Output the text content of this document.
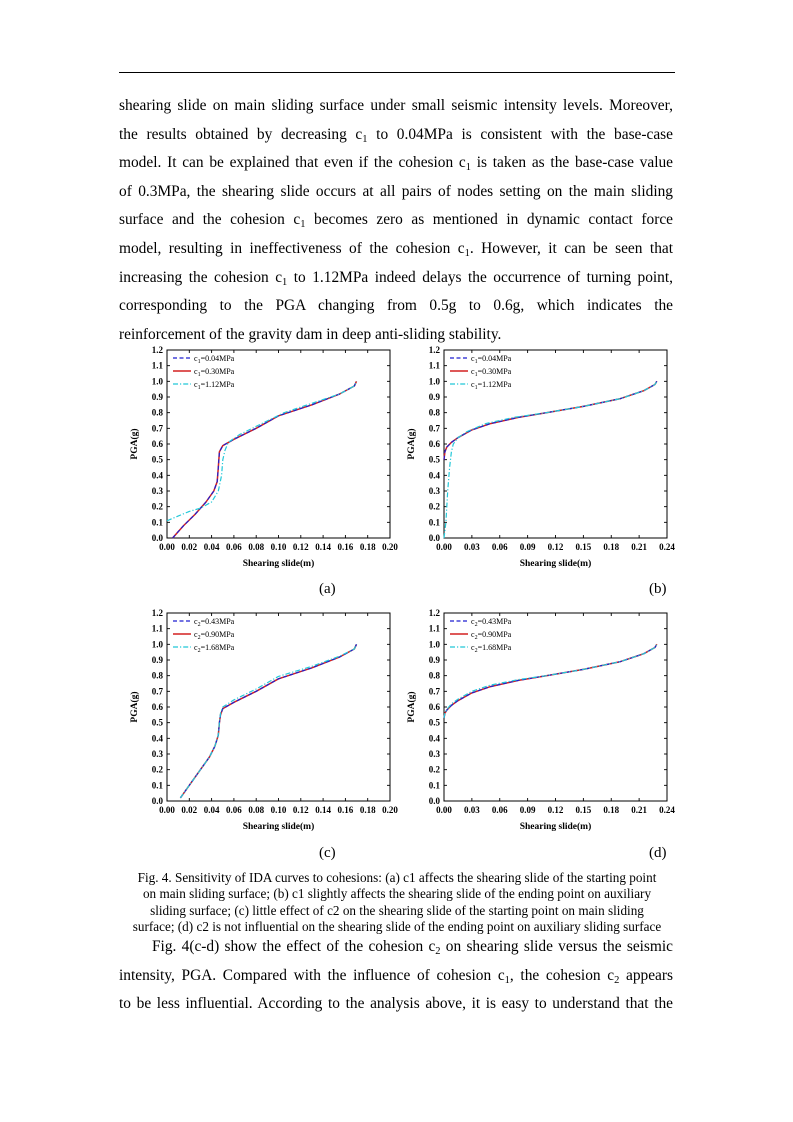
shearing slide on main sliding surface under small seismic intensity levels. Moreover,
the results obtained by decreasing $c_1$ to 0.04MPa is consistent with the base-case
model. It can be explained that even if the cohesion $c_1$ is taken as the base-case value
of 0.3MPa, the shearing slide occurs at all pairs of nodes setting on the main sliding
surface and the cohesion $c_1$ becomes zero as mentioned in dynamic contact force
model, resulting in ineffectiveness of the cohesion $c_1$. However, it can be seen that
increasing the cohesion $c_1$ to 1.12MPa indeed delays the occurrence of turning point,
corresponding to the PGA changing from 0.5g to 0.6g, which indicates the
reinforcement of the gravity dam in deep anti-sliding stability.
0.00 0.02 0.04 0.06 0.08 0.10 0.12 0.14 0.16 0.18 0.20
0.0
0.1
0.2
0.3
0.4
0.5
0.6
0.7
0.8
0.9
1.0
1.1
1.2
Shearing slide(m)
PGA(g)
$c_1=0.04MPa$
$c_1=0.30MPa$
$c_1=1.12MPa$
0.00 0.03 0.06 0.09 0.12 0.15 0.18 0.21 0.24
0.0
0.1
0.2
0.3
0.4
0.5
0.6
0.7
0.8
0.9
1.0
1.1
1.2
Shearing slide(m)
PGA(g)
$c_1=0.04MPa$
$c_1=0.30MPa$
$c_1=1.12MPa$
0.00 0.02 0.04 0.06 0.08 0.10 0.12 0.14 0.16 0.18 0.20
0.0
0.1
0.2
0.3
0.4
0.5
0.6
0.7
0.8
0.9
1.0
1.1
1.2
Shearing slide(m)
PGA(g)
$c_2=0.43MPa$
$c_2=0.90MPa$
$c_2=1.68MPa$
0.00 0.03 0.06 0.09 0.12 0.15 0.18 0.21 0.24
0.0
0.1
0.2
0.3
0.4
0.5
0.6
0.7
0.8
0.9
1.0
1.1
1.2
Shearing slide(m)
PGA(g)
$c_2=0.43MPa$
$c_2=0.90MPa$
$c_2=1.68MPa$
(a)	(b)
(c)	(d)
Fig. 4. Sensitivity of IDA curves to cohesions: (a) c1 affects the shearing slide of the starting point
on main sliding surface; (b) c1 slightly affects the shearing slide of the ending point on auxiliary
sliding surface; (c) little effect of c2 on the shearing slide of the starting point on main sliding
surface; (d) c2 is not influential on the shearing slide of the ending point on auxiliary sliding surface
Fig. 4(c-d) show the effect of the cohesion $c_2$ on shearing slide versus the seismic
intensity, PGA. Compared with the influence of cohesion $c_1$, the cohesion $c_2$ appears
to be less influential. According to the analysis above, it is easy to understand that the
